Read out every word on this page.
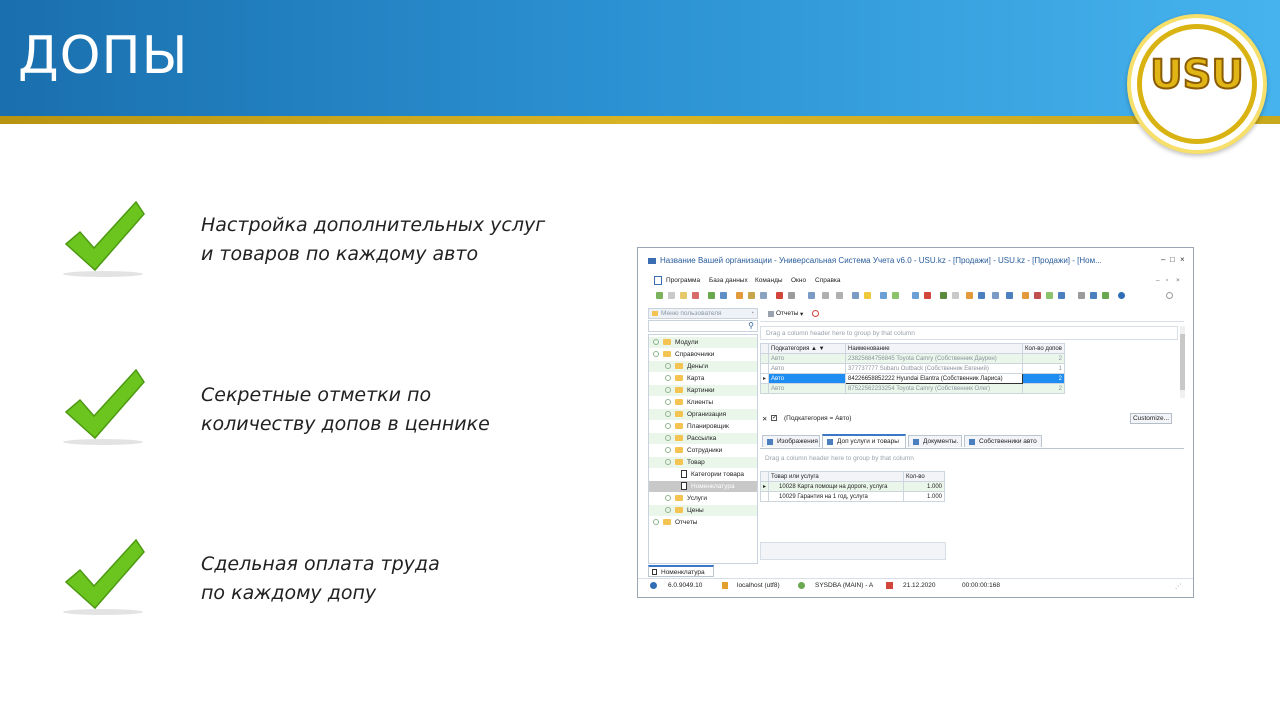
ДОПЫ	USU
Настройка дополнительных услуг
и товаров по каждому авто
Секретные отметки по
количеству допов в ценнике
Сдельная оплата труда
по каждому допу
Название Вашей организации - Универсальная Система Учета v6.0 - USU.kz - [Продажи] - USU.kz - [Продажи] - [Ном...	– □ ×
Программа База данных Команды Окно Справка	– ▫ ×
Меню пользователя	ᐩ
⚲
Модули
Справочники
Деньги
Карта
Картинки
Клиенты
Организация
Планировщик
Рассылка
Сотрудники
Товар
Категории товара
Номенклатура
Услуги
Цены
Отчеты
Отчеты ▾
Drag a column header here to group by that column
	Подкатегория ▲ ▼	Наименование	Кол-во допов
	Авто	23825684756845 Toyota Camry (Собственник Даурен)	2
	Авто	377737777 Subaru Outback (Собственник Евгений)	1
▸	Авто	84226658852222 Hyundai Elantra (Собственник Лариса)	2
	Авто	87522562233254 Toyota Camry (Собственник Олег)	2
✕ ✓ (Подкатегория = Авто)	Customize...
Изображения	Доп услуги и товары	Документы.	Собственники авто
Drag a column header here to group by that column
	Товар или услуга	Кол-во
▸	10028 Карта помощи на дороге, услуга	1.000
	10029 Гарантия на 1 год, услуга	1.000
Номенклатура
6.0.9049.10	localhost (utf8)	SYSDBA (MAIN) - A	21.12.2020	00:00:00:168	⋰
